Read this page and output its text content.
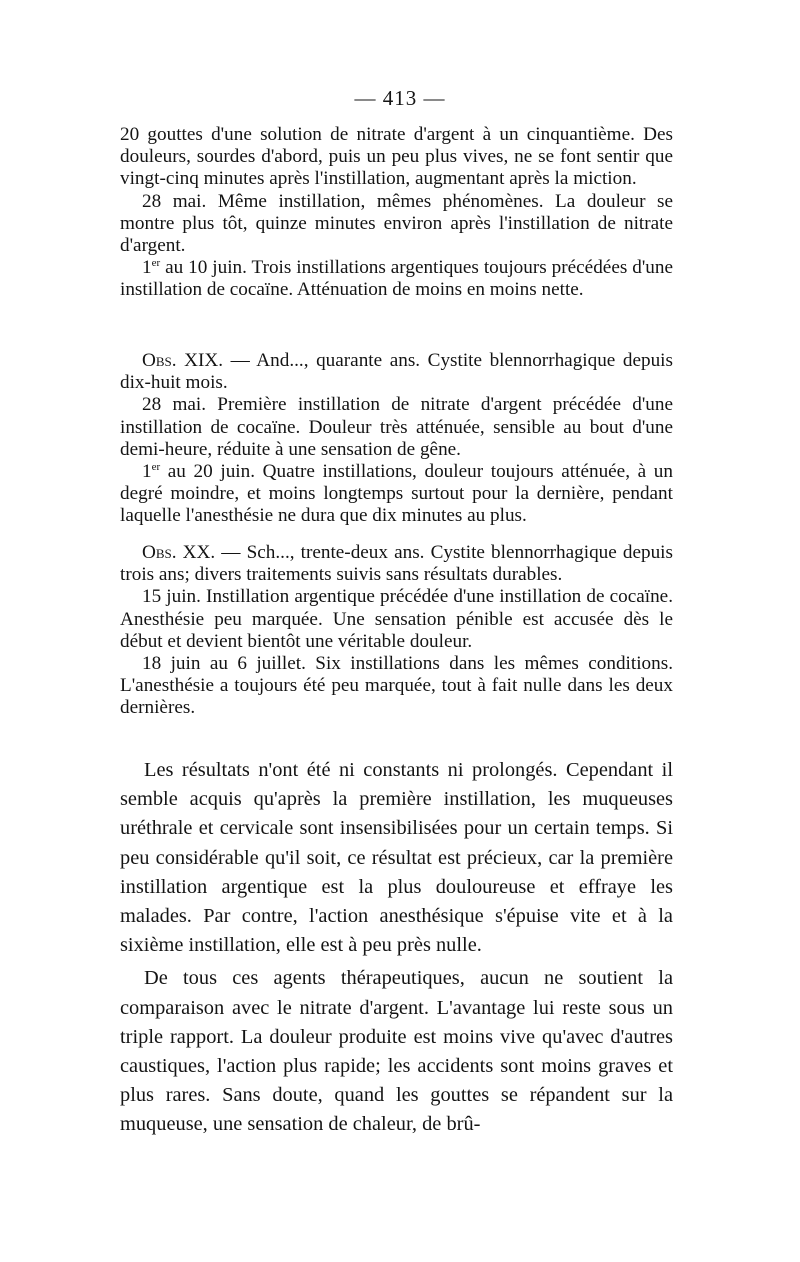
— 413 —

20 gouttes d'une solution de nitrate d'argent à un cinquantième. Des douleurs, sourdes d'abord, puis un peu plus vives, ne se font sentir que vingt-cinq minutes après l'instillation, augmentant après la miction.

28 mai. Même instillation, mêmes phénomènes. La douleur se montre plus tôt, quinze minutes environ après l'instillation de nitrate d'argent.

1er au 10 juin. Trois instillations argentiques toujours précédées d'une instillation de cocaïne. Atténuation de moins en moins nette.

Obs. XIX. — And..., quarante ans. Cystite blennorrhagique depuis dix-huit mois.

28 mai. Première instillation de nitrate d'argent précédée d'une instillation de cocaïne. Douleur très atténuée, sensible au bout d'une demi-heure, réduite à une sensation de gêne.

1er au 20 juin. Quatre instillations, douleur toujours atténuée, à un degré moindre, et moins longtemps surtout pour la dernière, pendant laquelle l'anesthésie ne dura que dix minutes au plus.

Obs. XX. — Sch..., trente-deux ans. Cystite blennorrhagique depuis trois ans; divers traitements suivis sans résultats durables.

15 juin. Instillation argentique précédée d'une instillation de cocaïne. Anesthésie peu marquée. Une sensation pénible est accusée dès le début et devient bientôt une véritable douleur.

18 juin au 6 juillet. Six instillations dans les mêmes conditions. L'anesthésie a toujours été peu marquée, tout à fait nulle dans les deux dernières.

Les résultats n'ont été ni constants ni prolongés. Cependant il semble acquis qu'après la première instillation, les muqueuses uréthrale et cervicale sont insensibilisées pour un certain temps. Si peu considérable qu'il soit, ce résultat est précieux, car la première instillation argentique est la plus douloureuse et effraye les malades. Par contre, l'action anesthésique s'épuise vite et à la sixième instillation, elle est à peu près nulle.

De tous ces agents thérapeutiques, aucun ne soutient la comparaison avec le nitrate d'argent. L'avantage lui reste sous un triple rapport. La douleur produite est moins vive qu'avec d'autres caustiques, l'action plus rapide; les accidents sont moins graves et plus rares. Sans doute, quand les gouttes se répandent sur la muqueuse, une sensation de chaleur, de brû-
